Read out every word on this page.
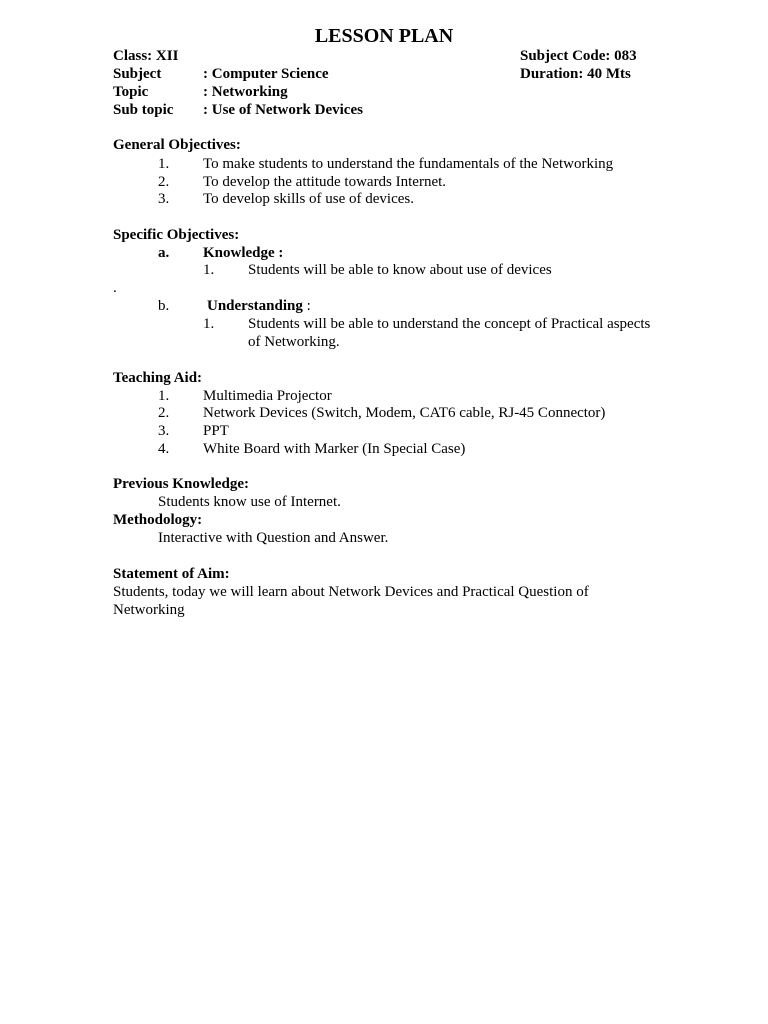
LESSON PLAN
Class: XII	Subject Code: 083
Subject	: Computer Science	Duration: 40 Mts
Topic	: Networking
Sub topic : Use of Network Devices
General Objectives:
1. To make students to understand the fundamentals of the Networking
2. To develop the attitude towards Internet.
3. To develop skills of use of devices.
Specific Objectives:
a. Knowledge :
1. Students will be able to know about use of devices
.
b.	Understanding :
1. Students will be able to understand the concept of Practical aspects
of Networking.
Teaching Aid:
1. Multimedia Projector
2. Network Devices (Switch, Modem, CAT6 cable, RJ-45 Connector)
3. PPT
4. White Board with Marker (In Special Case)
Previous Knowledge:
Students know use of Internet.
Methodology:
Interactive with Question and Answer.
Statement of Aim:
Students, today we will learn about Network Devices and Practical Question of
Networking
